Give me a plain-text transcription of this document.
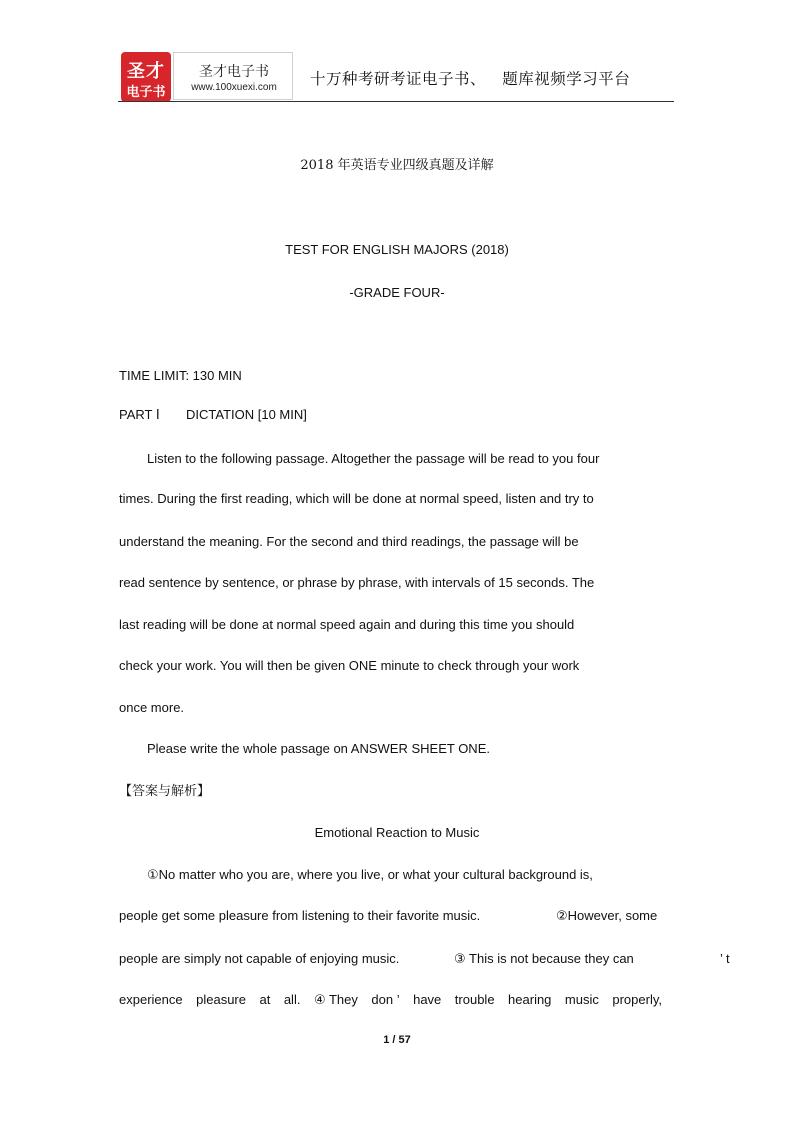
圣才
电子书
圣才电子书
www.100xuexi.com	十万种考研考证电子书、   题库视频学习平台
2018 年英语专业四级真题及详解
TEST FOR ENGLISH MAJORS (2018)
-GRADE FOUR-
TIME LIMIT: 130 MIN
PART Ⅰ DICTATION [10 MIN]
Listen to the following passage. Altogether the passage will be read to you four
times. During the first reading, which will be done at normal speed, listen and try to
understand the meaning. For the second and third readings, the passage will be
read sentence by sentence, or phrase by phrase, with intervals of 15 seconds. The
last reading will be done at normal speed again and during this time you should
check your work. You will then be given ONE minute to check through your work
once more.
Please write the whole passage on ANSWER SHEET ONE.
【答案与解析】
Emotional Reaction to Music
①No matter who you are, where you live, or what your cultural background is,
people get some pleasure from listening to their favorite music.	②However, some
people are simply not capable of enjoying music.	③ This is not because they can	’ t
experience pleasure at all. ④ They don ’ have trouble hearing music properly,
1 / 57
